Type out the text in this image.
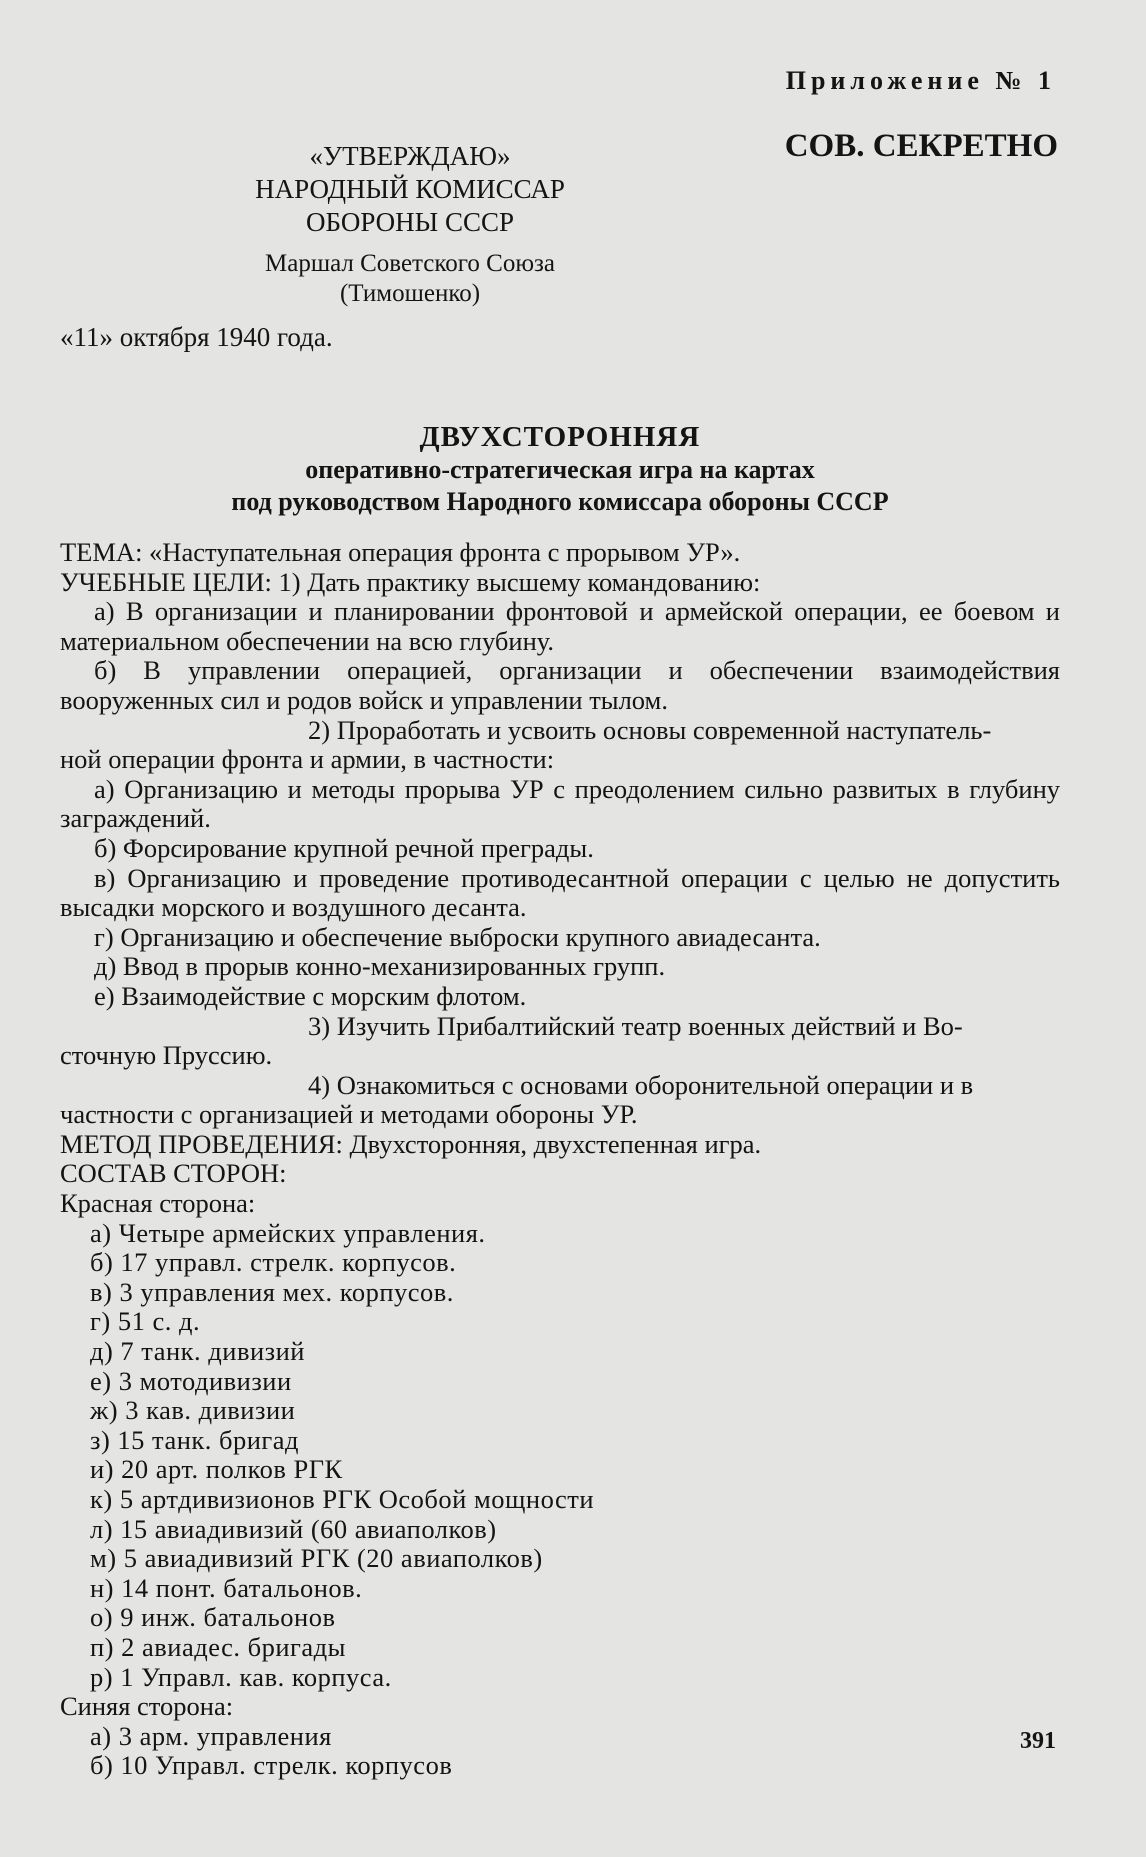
Приложение № 1
СОВ. СЕКРЕТНО
«УТВЕРЖДАЮ»
НАРОДНЫЙ КОМИССАР
ОБОРОНЫ СССР
Маршал Советского Союза
(Тимошенко)
«11» октября 1940 года.
ДВУХСТОРОННЯЯ
оперативно-стратегическая игра на картах
под руководством Народного комиссара обороны СССР

ТЕМА: «Наступательная операция фронта с прорывом УР».

УЧЕБНЫЕ ЦЕЛИ: 1) Дать практику высшему командованию:

а) В организации и планировании фронтовой и армейской операции, ее боевом и материальном обеспечении на всю глубину.

б) В управлении операцией, организации и обеспечении взаимодействия вооруженных сил и родов войск и управлении тылом.

2) Проработать и усвоить основы современной наступатель-

ной операции фронта и армии, в частности:

а) Организацию и методы прорыва УР с преодолением сильно развитых в глубину заграждений.

б) Форсирование крупной речной преграды.

в) Организацию и проведение противодесантной операции с целью не допустить высадки морского и воздушного десанта.

г) Организацию и обеспечение выброски крупного авиадесанта.

д) Ввод в прорыв конно-механизированных групп.

е) Взаимодействие с морским флотом.

3) Изучить Прибалтийский театр военных действий и Во-

сточную Пруссию.

4) Ознакомиться с основами оборонительной операции и в

частности с организацией и методами обороны УР.

МЕТОД ПРОВЕДЕНИЯ: Двухсторонняя, двухстепенная игра.

СОСТАВ СТОРОН:

Красная сторона:

а) Четыре армейских управления.

б) 17 управл. стрелк. корпусов.

в) 3 управления мех. корпусов.

г) 51 с. д.

д) 7 танк. дивизий

е) 3 мотодивизии

ж) 3 кав. дивизии

з) 15 танк. бригад

и) 20 арт. полков РГК

к) 5 артдивизионов РГК Особой мощности

л) 15 авиадивизий (60 авиаполков)

м) 5 авиадивизий РГК (20 авиаполков)

н) 14 понт. батальонов.

о) 9 инж. батальонов

п) 2 авиадес. бригады

р) 1 Управл. кав. корпуса.

Синяя сторона:

а) 3 арм. управления

б) 10 Управл. стрелк. корпусов

391
